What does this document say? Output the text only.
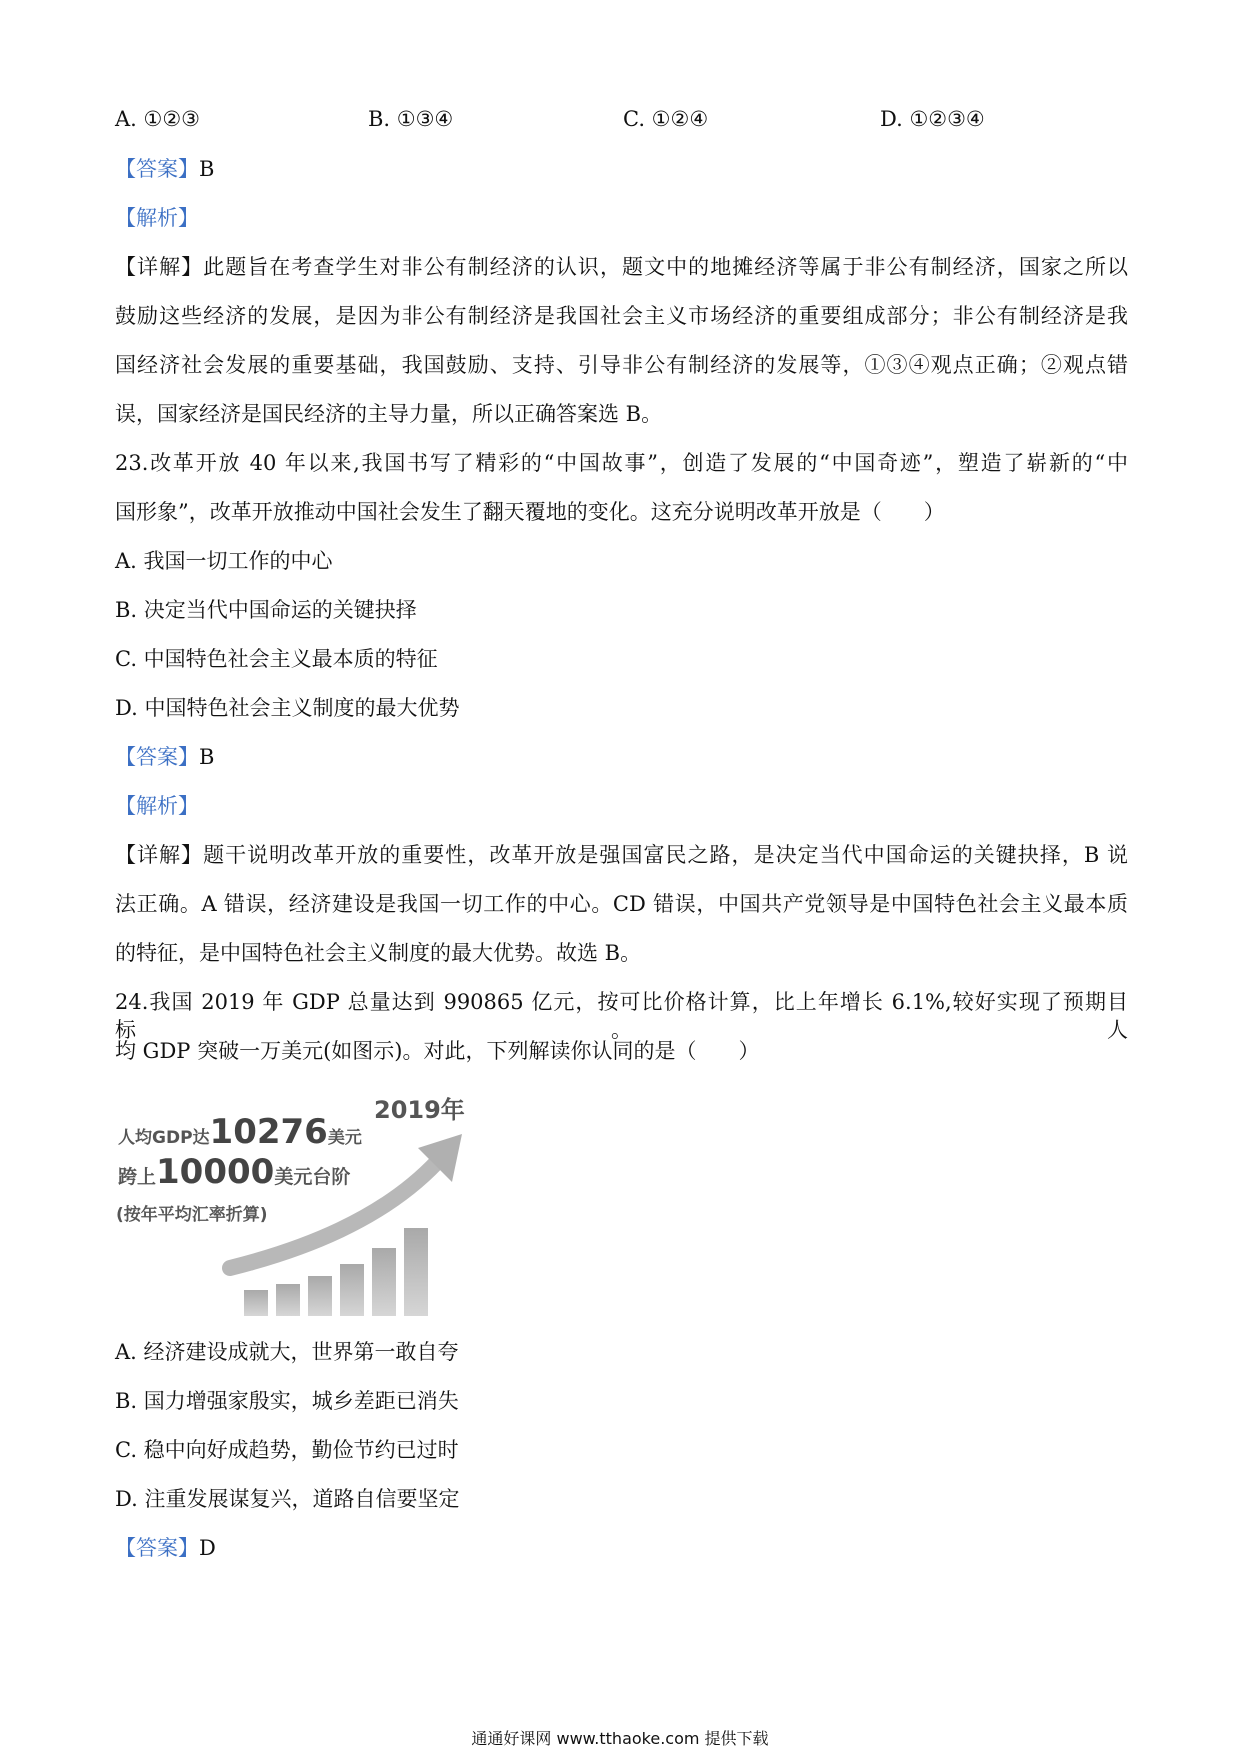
A. ①②③	B. ①③④	C. ①②④	D. ①②③④
【答案】B
【解析】
【详解】此题旨在考查学生对非公有制经济的认识，题文中的地摊经济等属于非公有制经济，国家之所以
鼓励这些经济的发展，是因为非公有制经济是我国社会主义市场经济的重要组成部分；非公有制经济是我
国经济社会发展的重要基础，我国鼓励、支持、引导非公有制经济的发展等，①③④观点正确；②观点错
误，国家经济是国民经济的主导力量，所以正确答案选 B。
23.改革开放 40 年以来,我国书写了精彩的“中国故事”，创造了发展的“中国奇迹”，塑造了崭新的“中
国形象”，改革开放推动中国社会发生了翻天覆地的变化。这充分说明改革开放是（　　）
A. 我国一切工作的中心
B. 决定当代中国命运的关键抉择
C. 中国特色社会主义最本质的特征
D. 中国特色社会主义制度的最大优势
【答案】B
【解析】
【详解】题干说明改革开放的重要性，改革开放是强国富民之路，是决定当代中国命运的关键抉择，B 说
法正确。A 错误，经济建设是我国一切工作的中心。CD 错误，中国共产党领导是中国特色社会主义最本质
的特征，是中国特色社会主义制度的最大优势。故选 B。
24.我国 2019 年 GDP 总量达到 990865 亿元，按可比价格计算，比上年增长 6.1%,较好实现了预期目标。人
均 GDP 突破一万美元(如图示)。对此，下列解读你认同的是（　　）
2019年
人均GDP达10276美元
跨上10000美元台阶
(按年平均汇率折算)
A. 经济建设成就大，世界第一敢自夸
B. 国力增强家殷实，城乡差距已消失
C. 稳中向好成趋势，勤俭节约已过时
D. 注重发展谋复兴，道路自信要坚定
【答案】D
通通好课网 www.tthaoke.com 提供下载
